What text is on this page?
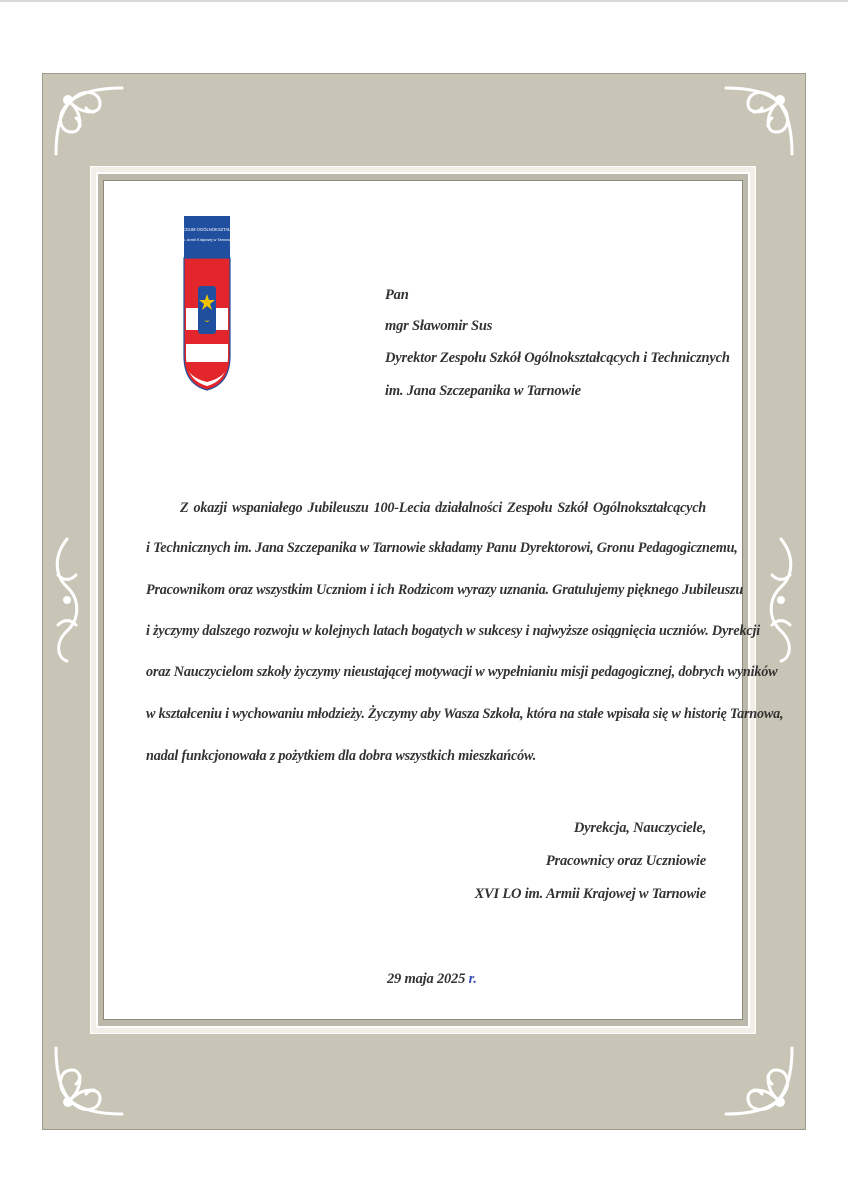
XVI LICEUM OGÓLNOKSZTAŁCĄCE
im. Armii Krajowej w Tarnowie
AK	Pan
mgr Sławomir Sus
Dyrektor Zespołu Szkół Ogólnokształcących i Technicznych
im. Jana Szczepanika w Tarnowie
Z okazji wspaniałego Jubileuszu 100-Lecia działalności Zespołu Szkół Ogólnokształcących
i Technicznych im. Jana Szczepanika w Tarnowie składamy Panu Dyrektorowi, Gronu Pedagogicznemu,
Pracownikom oraz wszystkim Uczniom i ich Rodzicom wyrazy uznania. Gratulujemy pięknego Jubileuszu
i życzymy dalszego rozwoju w kolejnych latach bogatych w sukcesy i najwyższe osiągnięcia uczniów. Dyrekcji
oraz Nauczycielom szkoły życzymy nieustającej motywacji w wypełnianiu misji pedagogicznej, dobrych wyników
w kształceniu i wychowaniu młodzieży. Życzymy aby Wasza Szkoła, która na stałe wpisała się w historię Tarnowa,
nadal funkcjonowała z pożytkiem dla dobra wszystkich mieszkańców.
Dyrekcja, Nauczyciele,
Pracownicy oraz Uczniowie
XVI LO im. Armii Krajowej w Tarnowie
29 maja 2025 r.
